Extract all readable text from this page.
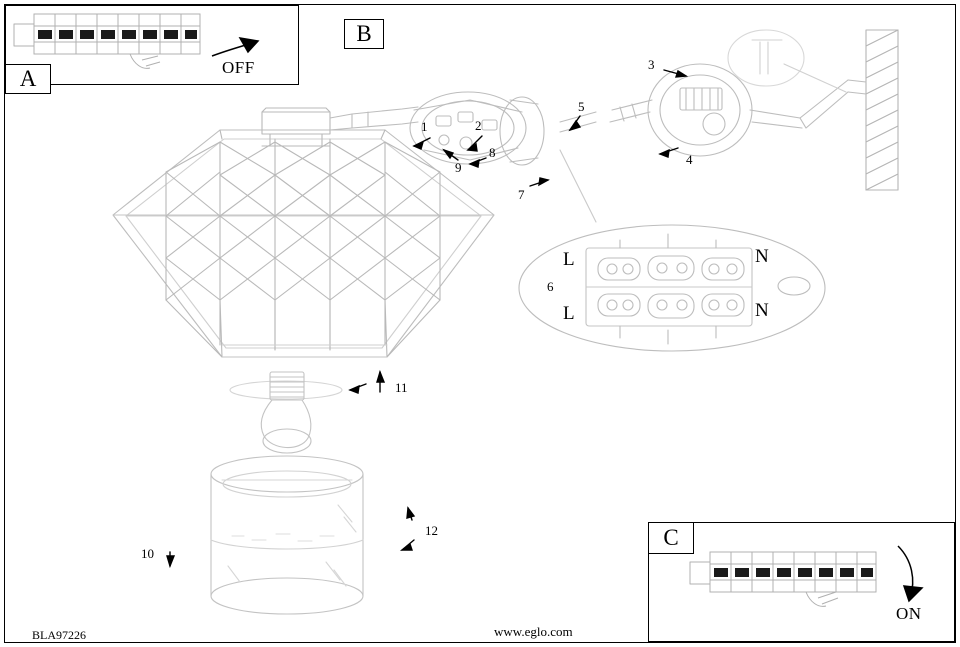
1	2
3
4
5
6
7
8
9
10
11
12
L	N
L	N
A	OFF
B
C
ON
BLA97226	www.eglo.com
